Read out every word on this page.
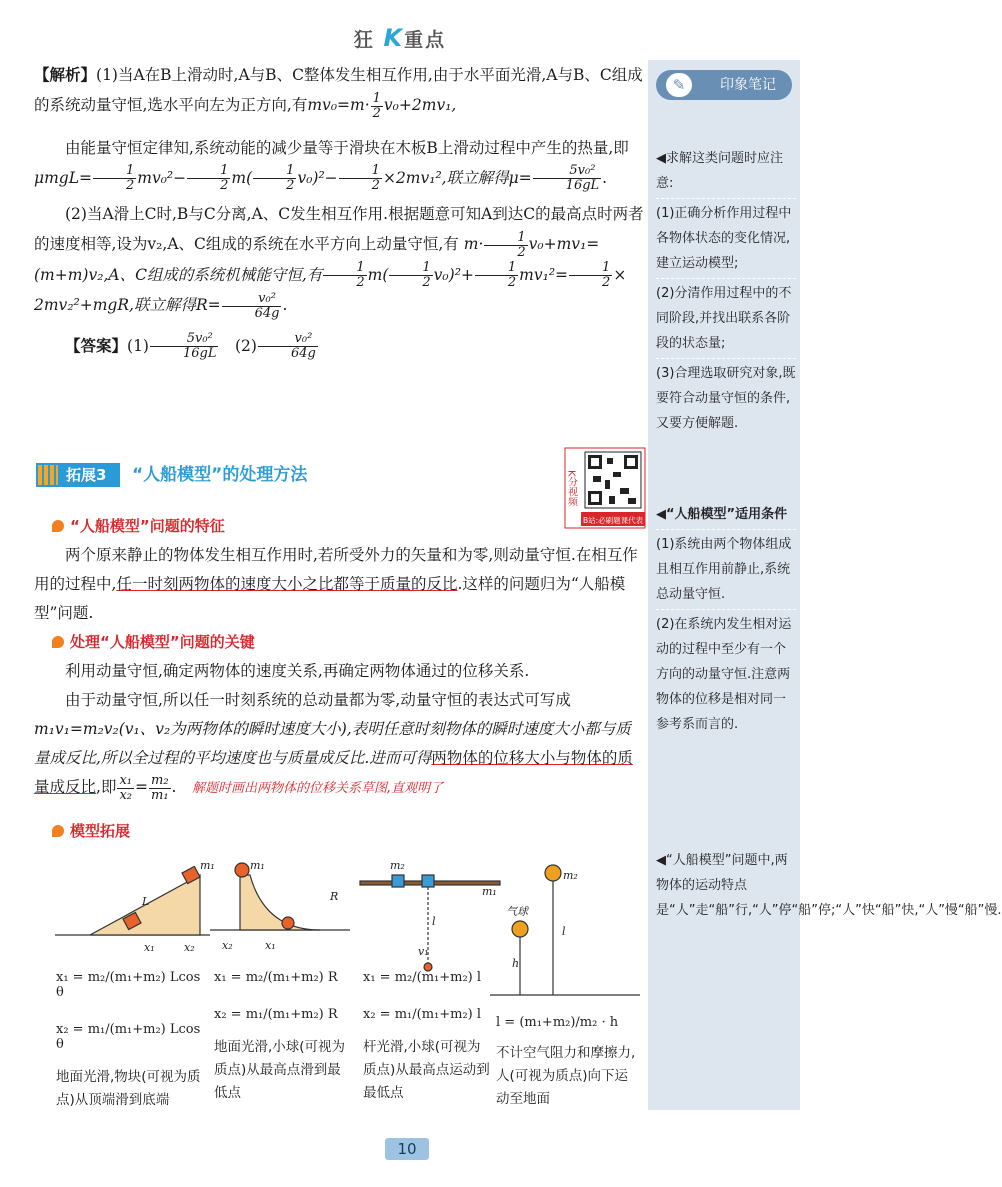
狂 K重点

【解析】(1)当A在B上滑动时,A与B、C整体发生相互作用,由于水平面光滑,A与B、C组成的系统动量守恒,选水平向左为正方向,有$mv_0=m\cdot \frac{1}{2} v_0+2mv_1$,

由能量守恒定律知,系统动能的减少量等于滑块在木板B上滑动过程中产生的热量,即$\mu mgL= \frac{1}{2} mv_0^2- \frac{1}{2} m( \frac{1}{2} v_0)^2- \frac{1}{2} \times 2mv_1^2$,联立解得$\mu= \frac{\text{5v₀²}}{16gL}$ .

(2)当A滑上C时,B与C分离,A、C发生相互作用.根据题意可知A到达C的最高点时两者的速度相等,设为v₂,A、C组成的系统在水平方向上动量守恒,有 $m\cdot \frac{1}{2} v_0+mv_1=(m+m)v_2,A$、C组成的系统机械能守恒,有 $\frac{1}{2} m( \frac{1}{2} v_0)^2+ \frac{1}{2} mv_1^2= \frac{1}{2}$ ×
2mv₂²+mgR,联立解得$R= \frac{\text{v₀²}}{64g}$ .

【答案】$(1) \frac{\text{5v₀²}}{16gL}$
　 $(2) \frac{\text{v₀²}}{64g}$

K分视频
B站:必刷题课代表
拓展3	“人船模型”的处理方法

“人船模型”问题的特征

两个原来静止的物体发生相互作用时,若所受外力的矢量和为零,则动量守恒.在相互作用的过程中,任一时刻两物体的速度大小之比都等于质量的反比.这样的问题归为“人船模型”问题.

处理“人船模型”问题的关键

利用动量守恒,确定两物体的速度关系,再确定两物体通过的位移关系.

由于动量守恒,所以任一时刻系统的总动量都为零,动量守恒的表达式可写成

m₁v₁=m₂v₂(v₁、v₂为两物体的瞬时速度大小),表明任意时刻物体的瞬时速度大小都与质量成反比,所以全过程的平均速度也与质量成反比.进而可得两物体的位移大小与物体的质量成反比,即 $\frac{\text{x₁}}{\text{x₂}} = \frac{\text{m₂}}{\text{m₁}}$ .　解题时画出两物体的位移关系草图,直观明了

模型拓展

m₁
L
x₁	x₂
m₁
R
x₂	x₁
m₂
m₁
l
v₁
m₂
气球
h
l
x₁ = m₂/(m₁+m₂) Lcos θ
x₂ = m₁/(m₁+m₂) Lcos θ
地面光滑,物块(可视为质点)从顶端滑到底端
x₁ = m₂/(m₁+m₂) R
x₂ = m₁/(m₁+m₂) R
地面光滑,小球(可视为质点)从最高点滑到最低点
x₁ = m₂/(m₁+m₂) l
x₂ = m₁/(m₁+m₂) l
杆光滑,小球(可视为质点)从最高点运动到最低点
l = (m₁+m₂)/m₂ · h
不计空气阻力和摩擦力,人(可视为质点)向下运动至地面
✎	印象笔记
◀求解这类问题时应注意:
(1)正确分析作用过程中各物体状态的变化情况,建立运动模型;
(2)分清作用过程中的不同阶段,并找出联系各阶段的状态量;
(3)合理选取研究对象,既要符合动量守恒的条件,又要方便解题.
◀“人船模型”适用条件
(1)系统由两个物体组成且相互作用前静止,系统总动量守恒.
(2)在系统内发生相对运动的过程中至少有一个方向的动量守恒.注意两物体的位移是相对同一参考系而言的.
◀“人船模型”问题中,两物体的运动特点是“人”走“船”行,“人”停“船”停;“人”快“船”快,“人”慢“船”慢.
10
